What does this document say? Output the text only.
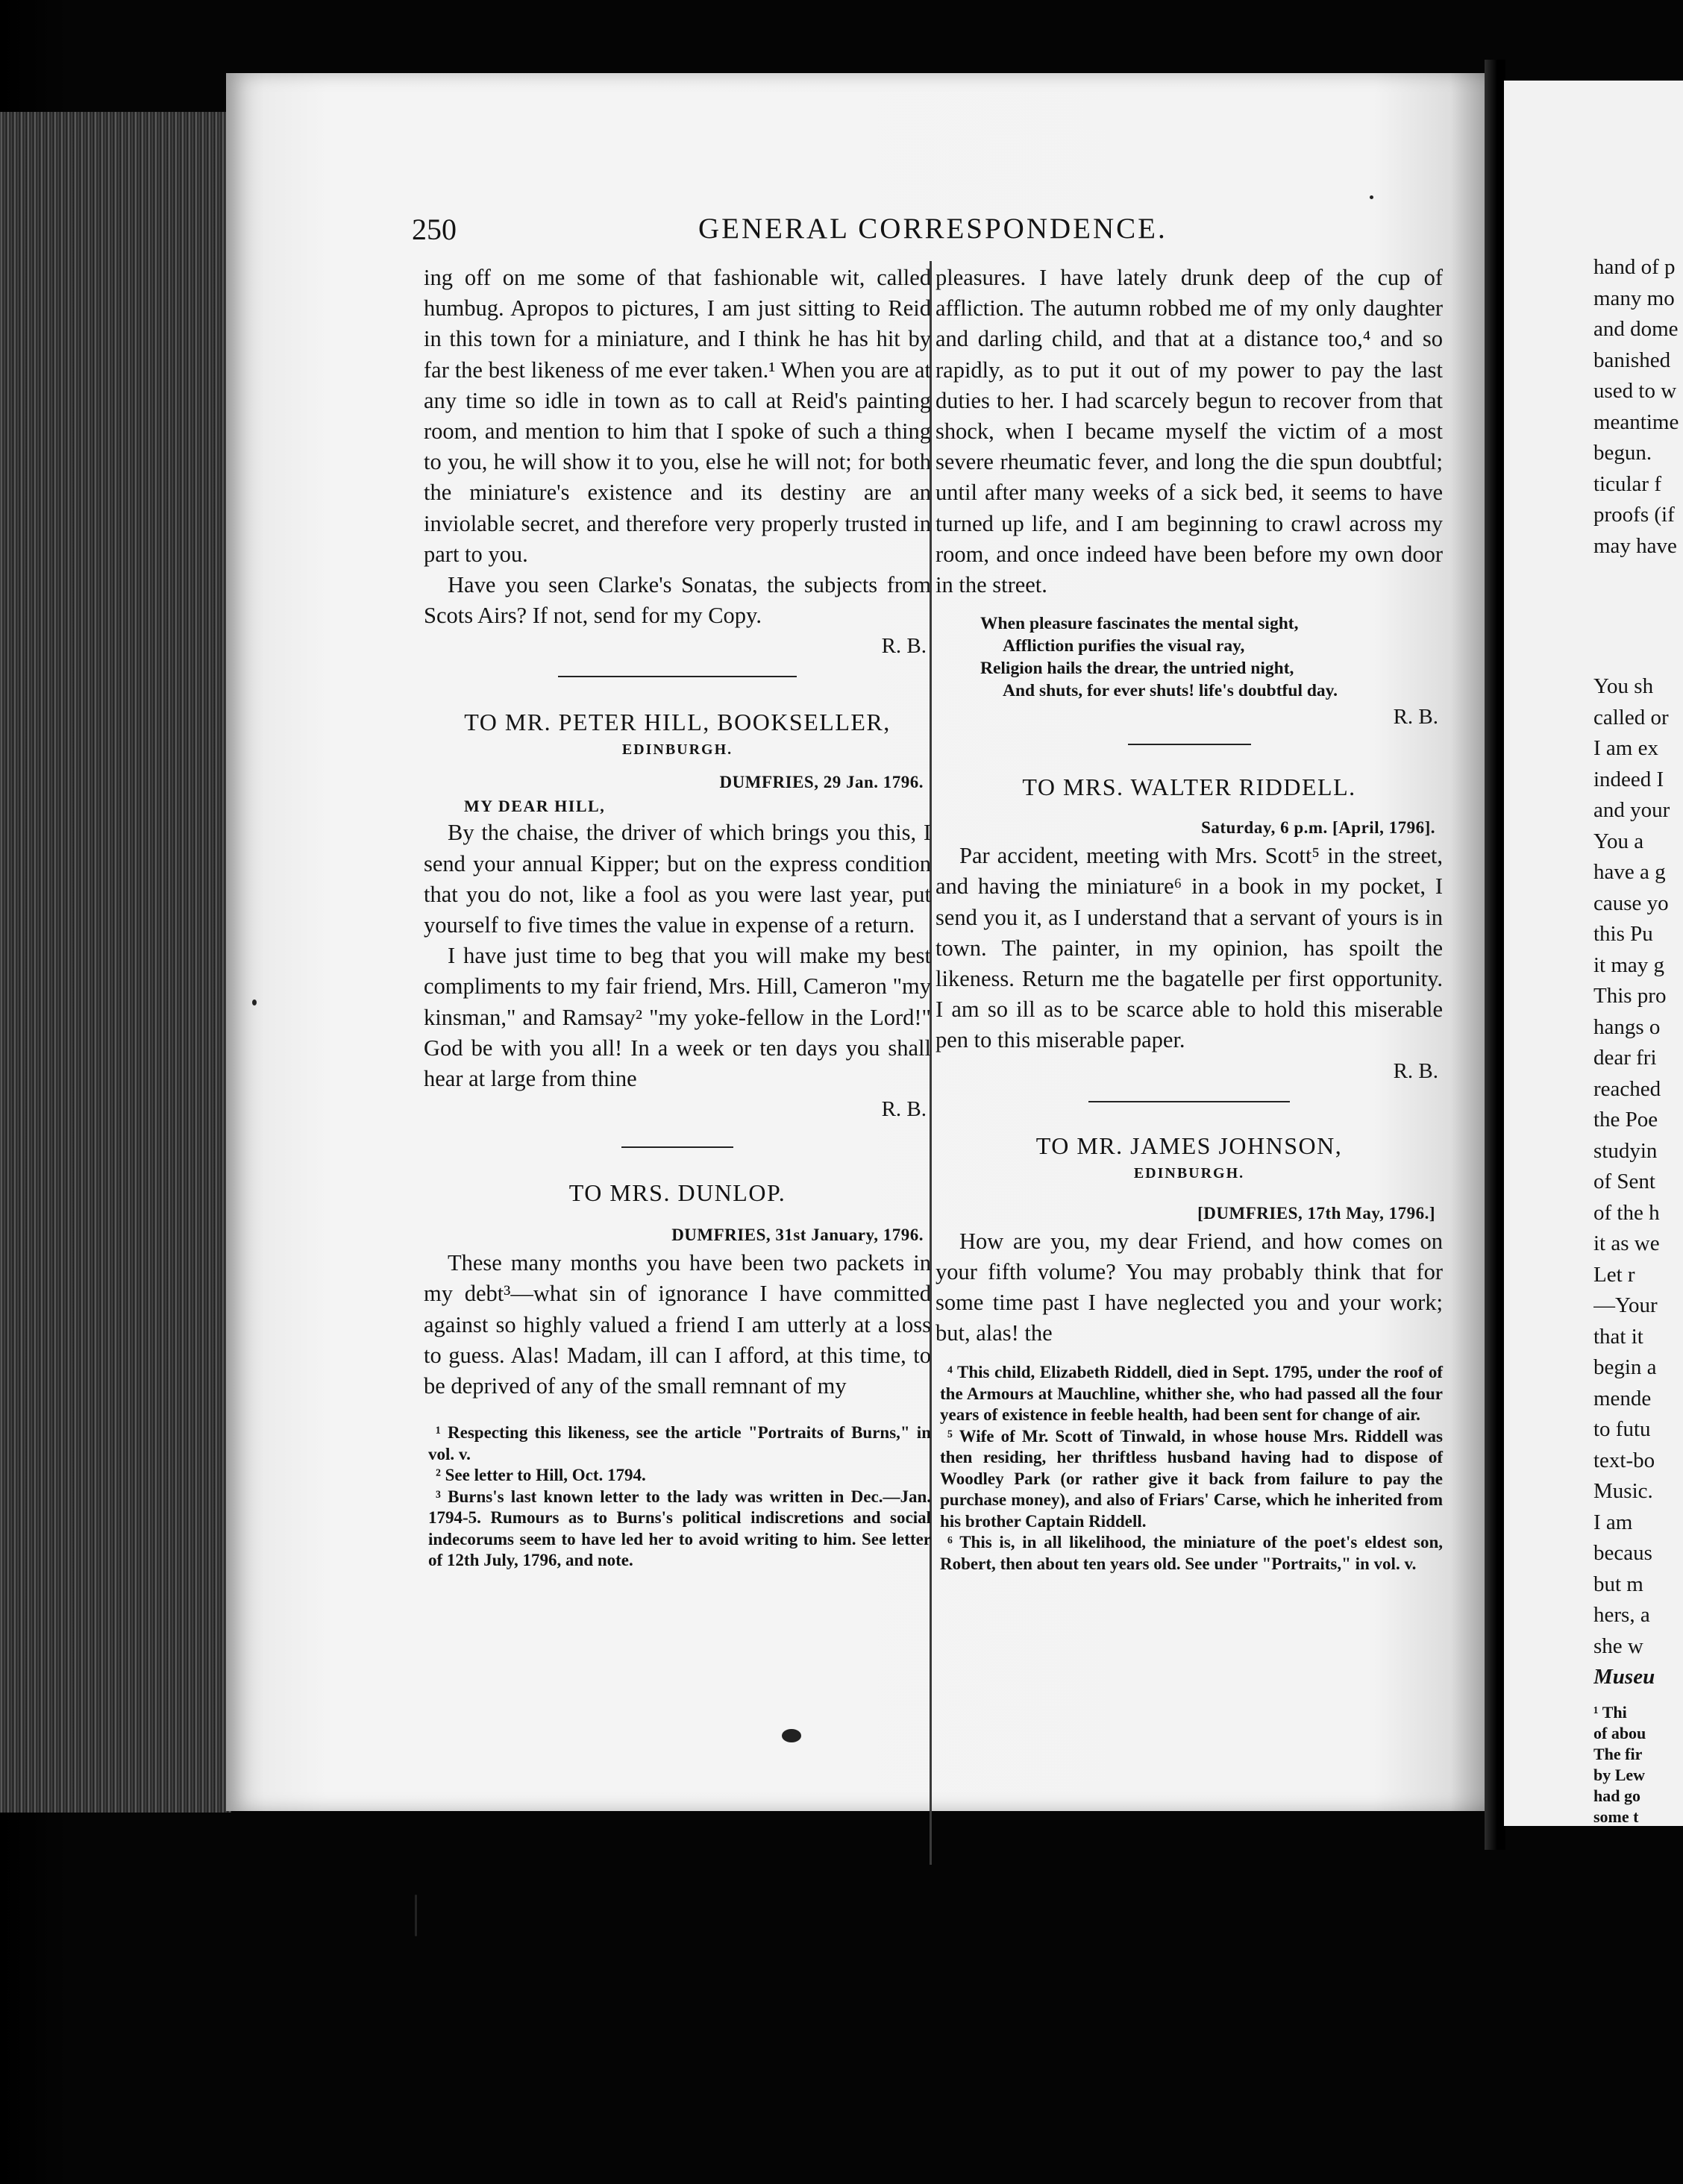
250	GENERAL CORRESPONDENCE.

ing off on me some of that fashionable wit, called humbug. Apropos to pictures, I am just sitting to Reid in this town for a miniature, and I think he has hit by far the best likeness of me ever taken.¹ When you are at any time so idle in town as to call at Reid's painting room, and mention to him that I spoke of such a thing to you, he will show it to you, else he will not; for both the miniature's existence and its destiny are an inviolable secret, and therefore very properly trusted in part to you.

Have you seen Clarke's Sonatas, the subjects from Scots Airs? If not, send for my Copy.

R. B.

TO MR. PETER HILL, BOOKSELLER,

EDINBURGH.

DUMFRIES, 29 Jan. 1796.

MY DEAR HILL,

By the chaise, the driver of which brings you this, I send your annual Kipper; but on the express condition that you do not, like a fool as you were last year, put yourself to five times the value in expense of a return.

I have just time to beg that you will make my best compliments to my fair friend, Mrs. Hill, Cameron "my kinsman," and Ramsay² "my yoke-fellow in the Lord!" God be with you all! In a week or ten days you shall hear at large from thine

R. B.

TO MRS. DUNLOP.

DUMFRIES, 31st January, 1796.

These many months you have been two packets in my debt³—what sin of ignorance I have committed against so highly valued a friend I am utterly at a loss to guess. Alas! Madam, ill can I afford, at this time, to be deprived of any of the small remnant of my

¹ Respecting this likeness, see the article "Portraits of Burns," in vol. v.

² See letter to Hill, Oct. 1794.

³ Burns's last known letter to the lady was written in Dec.—Jan. 1794-5. Rumours as to Burns's political indiscretions and social indecorums seem to have led her to avoid writing to him. See letter of 12th July, 1796, and note.

pleasures. I have lately drunk deep of the cup of affliction. The autumn robbed me of my only daughter and darling child, and that at a distance too,⁴ and so rapidly, as to put it out of my power to pay the last duties to her. I had scarcely begun to recover from that shock, when I became myself the victim of a most severe rheumatic fever, and long the die spun doubtful; until after many weeks of a sick bed, it seems to have turned up life, and I am beginning to crawl across my room, and once indeed have been before my own door in the street.

When pleasure fascinates the mental sight,

Affliction purifies the visual ray,

Religion hails the drear, the untried night,

And shuts, for ever shuts! life's doubtful day.

R. B.

TO MRS. WALTER RIDDELL.

Saturday, 6 p.m. [April, 1796].

Par accident, meeting with Mrs. Scott⁵ in the street, and having the miniature⁶ in a book in my pocket, I send you it, as I understand that a servant of yours is in town. The painter, in my opinion, has spoilt the likeness. Return me the bagatelle per first opportunity. I am so ill as to be scarce able to hold this miserable pen to this miserable paper.

R. B.

TO MR. JAMES JOHNSON,

EDINBURGH.

[DUMFRIES, 17th May, 1796.]

How are you, my dear Friend, and how comes on your fifth volume? You may probably think that for some time past I have neglected you and your work; but, alas! the

⁴ This child, Elizabeth Riddell, died in Sept. 1795, under the roof of the Armours at Mauchline, whither she, who had passed all the four years of existence in feeble health, had been sent for change of air.

⁵ Wife of Mr. Scott of Tinwald, in whose house Mrs. Riddell was then residing, her thriftless husband having had to dispose of Woodley Park (or rather give it back from failure to pay the purchase money), and also of Friars' Carse, which he inherited from his brother Captain Riddell.

⁶ This is, in all likelihood, the miniature of the poet's eldest son, Robert, then about ten years old. See under "Portraits," in vol. v.

hand of p

many mo

and dome

banished

used to w

meantime

begun.

ticular f

proofs (if

may have

You sh

called or

I am ex

indeed I

and your

You a

have a g

cause yo

this Pu

it may g

This pro

hangs o

dear fri

reached

the Poe

studyin

of Sent

of the h

it as we

Let r

—Your

that it

begin a

mende

to futu

text-bo

Music.

I am

becaus

but m

hers, a

she w

Museu

¹ Thi

of abou

The fir

by Lew

had go

some t
